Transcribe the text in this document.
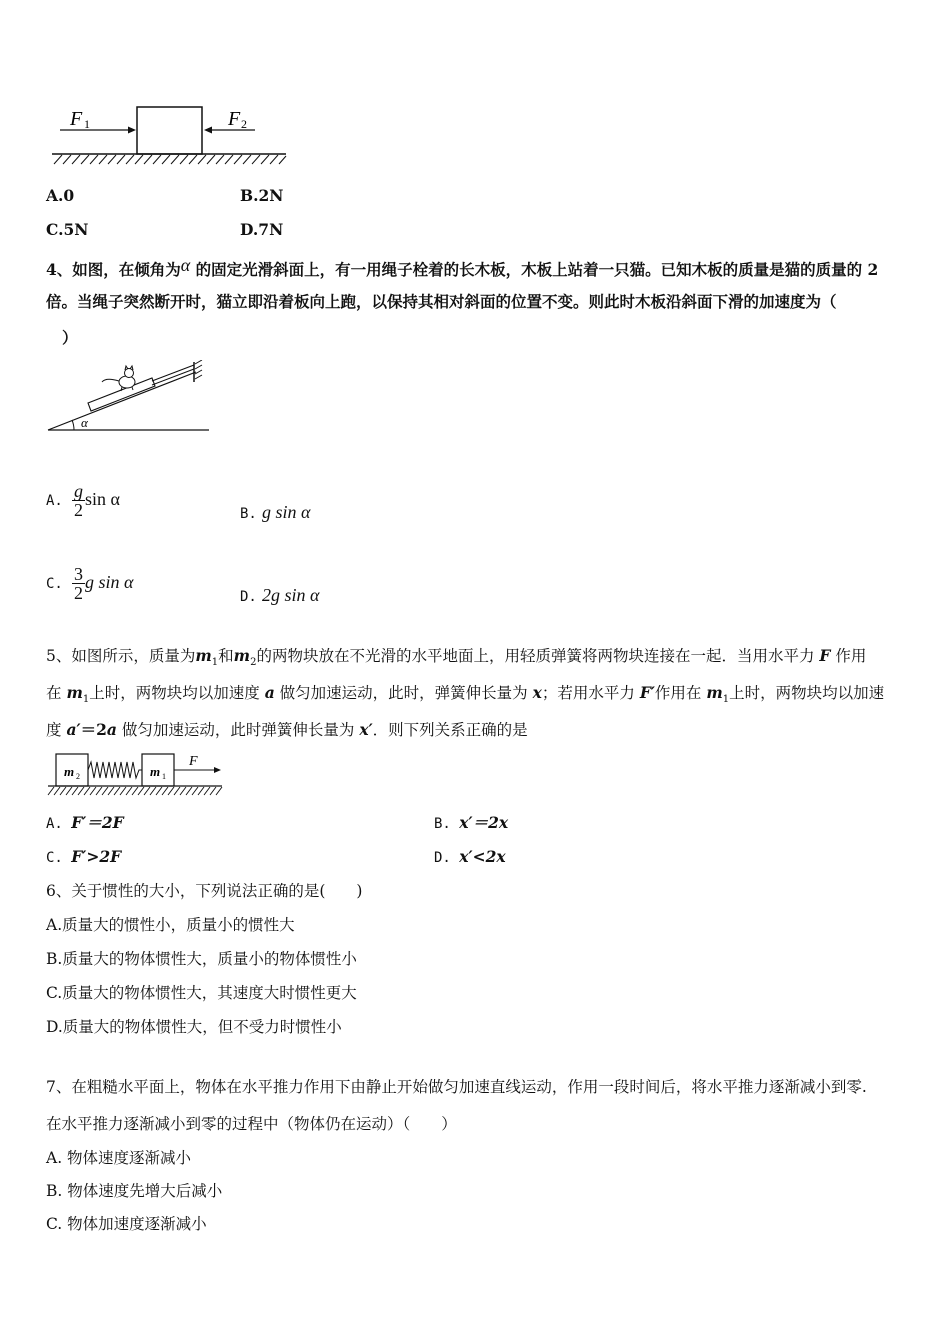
F 1	F 2
A.0	B.2N
C.5N	D.7N
4、如图，在倾角为α 的固定光滑斜面上，有一用绳子栓着的长木板，木板上站着一只猫。已知木板的质量是猫的质量的 2
倍。当绳子突然断开时，猫立即沿着板向上跑，以保持其相对斜面的位置不变。则此时木板沿斜面下滑的加速度为（
）
α
A. $\frac{g}{2}$ sin α
B. g sin α
C. $\frac{3}{2}$ g sin α
D. 2g sin α
5、如图所示，质量为$m_1$和$m_2$的两物块放在不光滑的水平地面上，用轻质弹簧将两物块连接在一起．当用水平力 F 作用
在 $m_1$上时，两物块均以加速度 a 做匀加速运动，此时，弹簧伸长量为 x；若用水平力 F′作用在 $m_1$上时，两物块均以加速
度 a′＝2a 做匀加速运动，此时弹簧伸长量为 x′．则下列关系正确的是
m 2	m 1
F
A. F′＝2F	B. x′＝2x
C. F′>2F	D. x′<2x
6、关于惯性的大小，下列说法正确的是(　　)
A.质量大的惯性小，质量小的惯性大
B.质量大的物体惯性大，质量小的物体惯性小
C.质量大的物体惯性大，其速度大时惯性更大
D.质量大的物体惯性大，但不受力时惯性小
7、在粗糙水平面上，物体在水平推力作用下由静止开始做匀加速直线运动，作用一段时间后，将水平推力逐渐减小到零.
在水平推力逐渐减小到零的过程中（物体仍在运动）（　　）
A. 物体速度逐渐减小
B. 物体速度先增大后减小
C. 物体加速度逐渐减小
